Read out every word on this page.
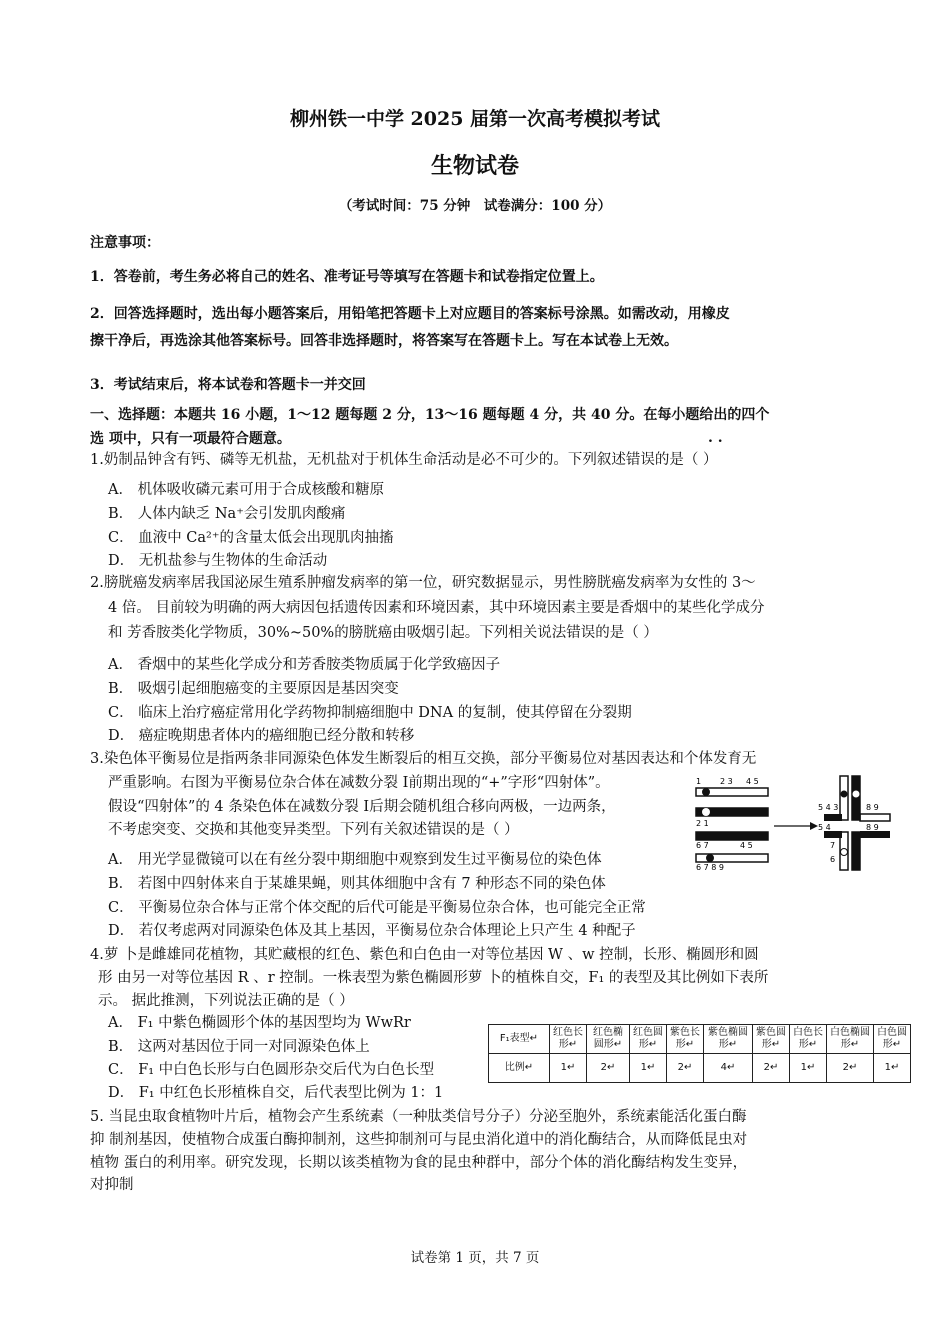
柳州铁一中学 2025 届第一次高考模拟考试
生物试卷
（考试时间：75 分钟　试卷满分：100 分）
注意事项：
1．答卷前，考生务必将自己的姓名、准考证号等填写在答题卡和试卷指定位置上。
2．回答选择题时，选出每小题答案后，用铅笔把答题卡上对应题目的答案标号涂黑。如需改动，用橡皮
擦干净后，再选涂其他答案标号。回答非选择题时，将答案写在答题卡上。写在本试卷上无效。
3．考试结束后，将本试卷和答题卡一并交回
一、选择题：本题共 16 小题，1～12 题每题 2 分，13～16 题每题 4 分，共 40 分。在每小题给出的四个
选 项中，只有一项最符合题意。	. .
1.奶制品钟含有钙、磷等无机盐，无机盐对于机体生命活动是必不可少的。下列叙述错误的是（ ）
A． 机体吸收磷元素可用于合成核酸和糖原
B． 人体内缺乏 Na⁺会引发肌肉酸痛
C． 血液中 Ca²⁺的含量太低会出现肌肉抽搐
D． 无机盐参与生物体的生命活动
2.膀胱癌发病率居我国泌尿生殖系肿瘤发病率的第一位，研究数据显示，男性膀胱癌发病率为女性的 3～
4 倍。 目前较为明确的两大病因包括遗传因素和环境因素，其中环境因素主要是香烟中的某些化学成分
和 芳香胺类化学物质，30%~50%的膀胱癌由吸烟引起。下列相关说法错误的是（ ）
A． 香烟中的某些化学成分和芳香胺类物质属于化学致癌因子
B． 吸烟引起细胞癌变的主要原因是基因突变
C． 临床上治疗癌症常用化学药物抑制癌细胞中 DNA 的复制，使其停留在分裂期
D． 癌症晚期患者体内的癌细胞已经分散和转移
3.染色体平衡易位是指两条非同源染色体发生断裂后的相互交换，部分平衡易位对基因表达和个体发育无
严重影响。右图为平衡易位杂合体在减数分裂 Ⅰ前期出现的“+”字形“四射体”。
假设“四射体”的 4 条染色体在减数分裂 Ⅰ后期会随机组合移向两极，一边两条，
不考虑突变、交换和其他变异类型。下列有关叙述错误的是（ ）
A． 用光学显微镜可以在有丝分裂中期细胞中观察到发生过平衡易位的染色体
B． 若图中四射体来自于某雄果蝇，则其体细胞中含有 7 种形态不同的染色体
C． 平衡易位杂合体与正常个体交配的后代可能是平衡易位杂合体，也可能完全正常
D． 若仅考虑两对同源染色体及其上基因，平衡易位杂合体理论上只产生 4 种配子
1 2 3 4 5
2 1
6 7	4 5
6 7 8 9
5 4 3	8 9
5 4	8 9
7
6
4.萝 卜是雌雄同花植物，其贮藏根的红色、紫色和白色由一对等位基因 W 、w 控制，长形、椭圆形和圆
形 由另一对等位基因 R 、r 控制。一株表型为紫色椭圆形萝 卜的植株自交，F₁ 的表型及其比例如下表所
示。 据此推测，下列说法正确的是（ ）
A． F₁ 中紫色椭圆形个体的基因型均为 WwRr
B． 这两对基因位于同一对同源染色体上
C． F₁ 中白色长形与白色圆形杂交后代为白色长型
D． F₁ 中红色长形植株自交，后代表型比例为 1：1
F₁表型↵	红色长形↵	红色椭圆形↵	红色圆形↵	紫色长形↵	紫色椭圆形↵	紫色圆形↵	白色长形↵	白色椭圆形↵	白色圆形↵
比例↵	1↵	2↵	1↵	2↵	4↵	2↵	1↵	2↵	1↵
5. 当昆虫取食植物叶片后，植物会产生系统素（一种肽类信号分子）分泌至胞外，系统素能活化蛋白酶
抑 制剂基因，使植物合成蛋白酶抑制剂，这些抑制剂可与昆虫消化道中的消化酶结合，从而降低昆虫对
植物 蛋白的利用率。研究发现，长期以该类植物为食的昆虫种群中，部分个体的消化酶结构发生变异，
对抑制
试卷第 1 页，共 7 页
